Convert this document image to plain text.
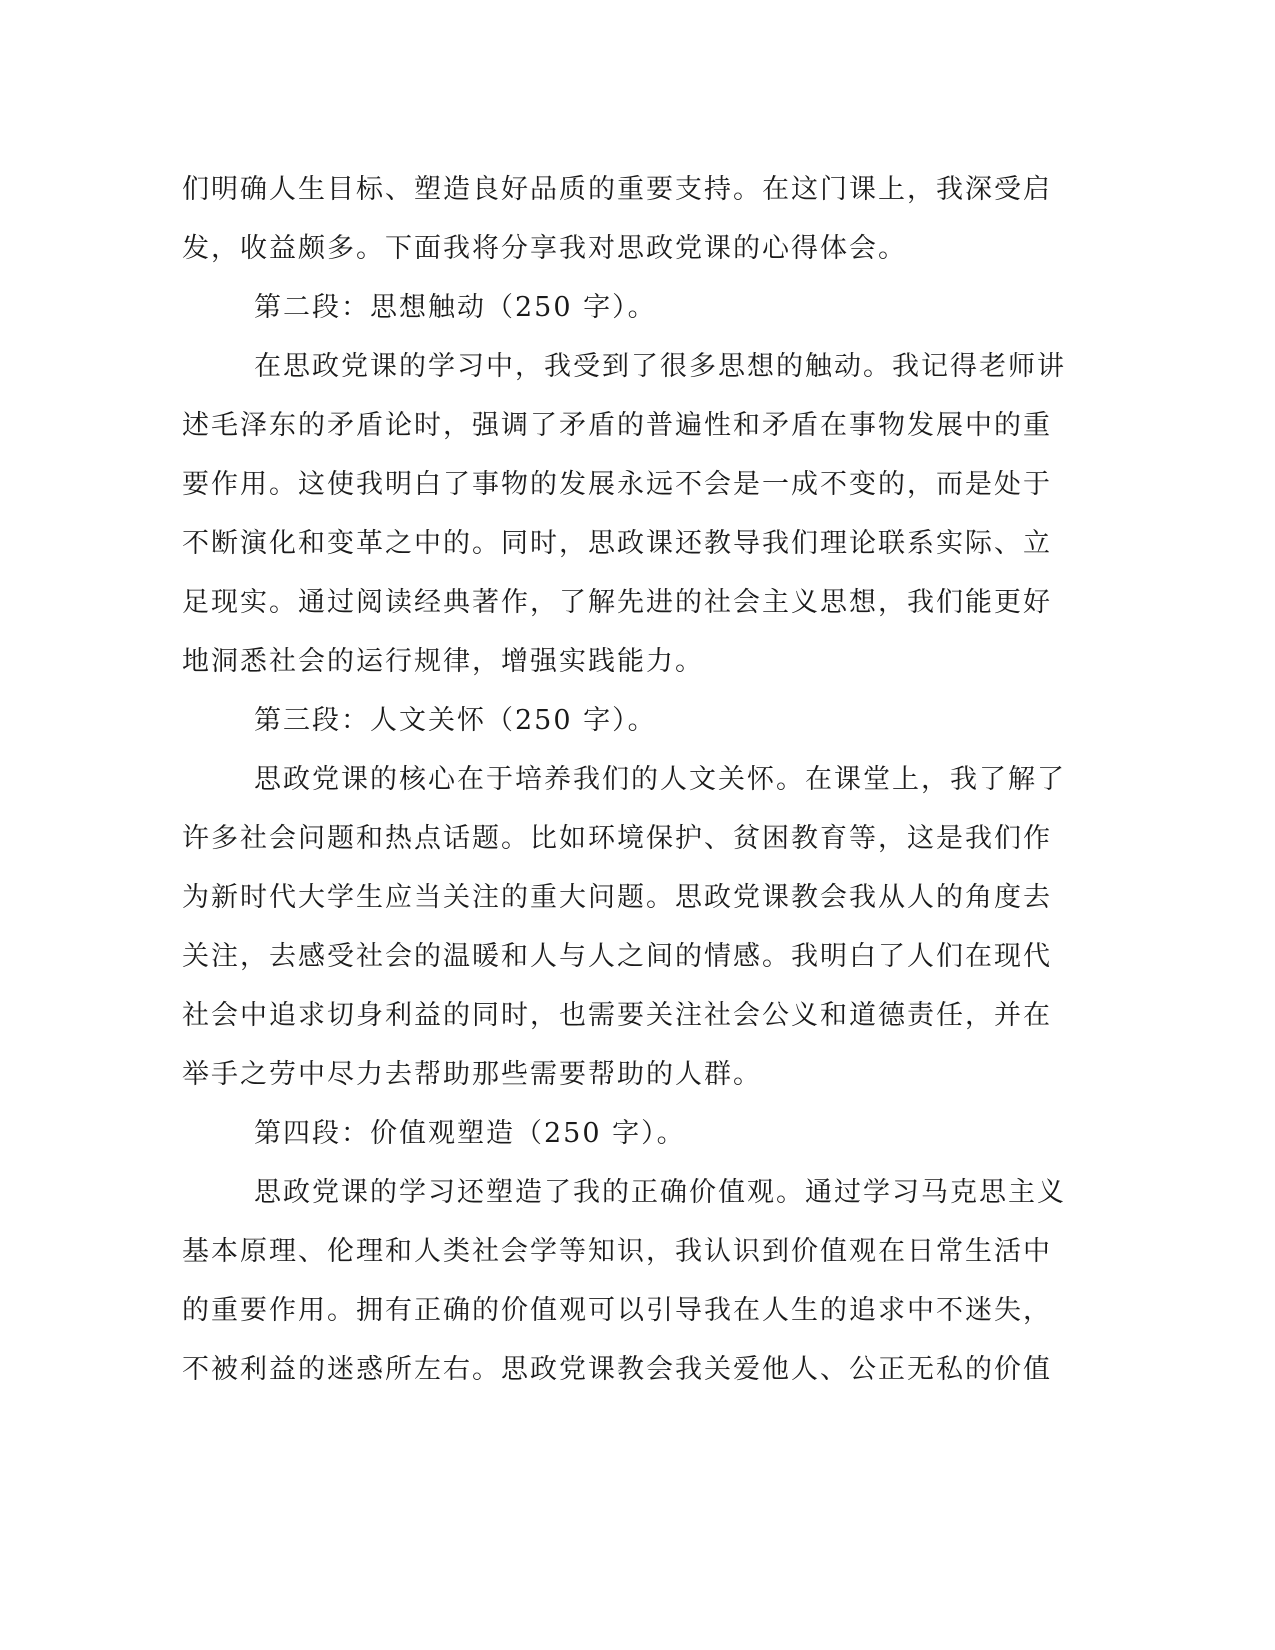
们明确人生目标、塑造良好品质的重要支持。在这门课上，我深受启
发，收益颇多。下面我将分享我对思政党课的心得体会。
第二段：思想触动（250 字）。
在思政党课的学习中，我受到了很多思想的触动。我记得老师讲
述毛泽东的矛盾论时，强调了矛盾的普遍性和矛盾在事物发展中的重
要作用。这使我明白了事物的发展永远不会是一成不变的，而是处于
不断演化和变革之中的。同时，思政课还教导我们理论联系实际、立
足现实。通过阅读经典著作，了解先进的社会主义思想，我们能更好
地洞悉社会的运行规律，增强实践能力。
第三段：人文关怀（250 字）。
思政党课的核心在于培养我们的人文关怀。在课堂上，我了解了
许多社会问题和热点话题。比如环境保护、贫困教育等，这是我们作
为新时代大学生应当关注的重大问题。思政党课教会我从人的角度去
关注，去感受社会的温暖和人与人之间的情感。我明白了人们在现代
社会中追求切身利益的同时，也需要关注社会公义和道德责任，并在
举手之劳中尽力去帮助那些需要帮助的人群。
第四段：价值观塑造（250 字）。
思政党课的学习还塑造了我的正确价值观。通过学习马克思主义
基本原理、伦理和人类社会学等知识，我认识到价值观在日常生活中
的重要作用。拥有正确的价值观可以引导我在人生的追求中不迷失，
不被利益的迷惑所左右。思政党课教会我关爱他人、公正无私的价值
